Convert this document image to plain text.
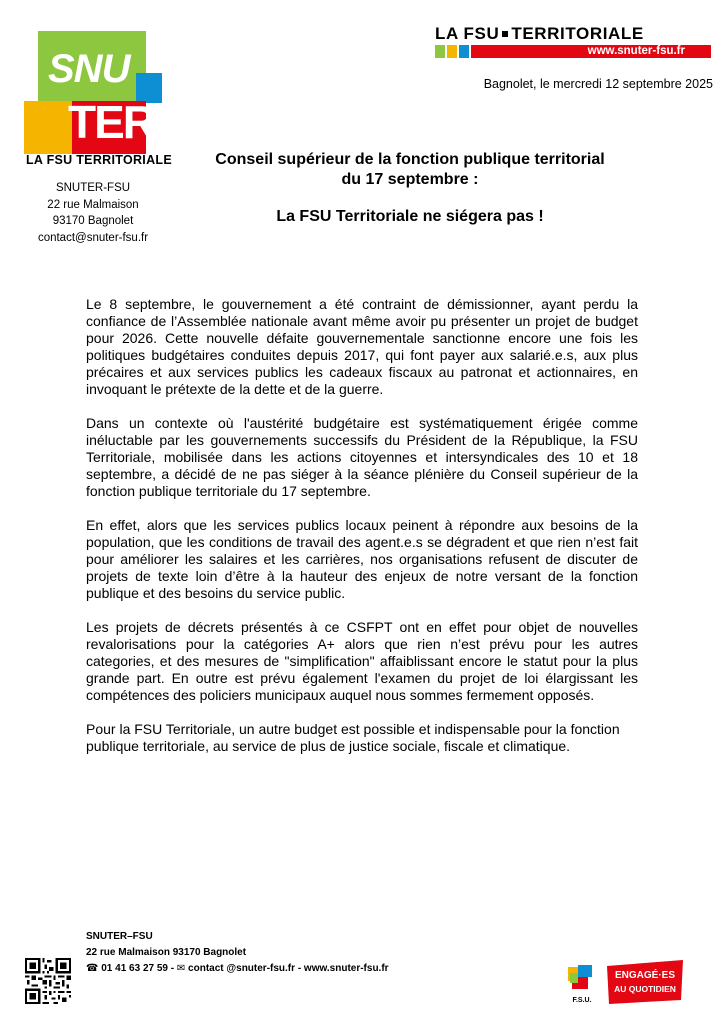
SNU
TER
LA FSU TERRITORIALE
SNUTER-FSU
22 rue Malmaison
93170 Bagnolet
contact@snuter-fsu.fr
LA FSU TERRITORIALE
www.snuter-fsu.fr
Bagnolet, le mercredi 12 septembre 2025
Conseil supérieur de la fonction publique territorial
du 17 septembre :
La FSU Territoriale ne siégera pas !

Le 8 septembre, le gouvernement a été contraint de démissionner, ayant perdu la confiance de l’Assemblée nationale avant même avoir pu présenter un projet de budget pour 2026. Cette nouvelle défaite gouvernementale sanctionne encore une fois les politiques budgétaires conduites depuis 2017, qui font payer aux salarié.e.s, aux plus précaires et aux services publics les cadeaux fiscaux au patronat et actionnaires, en invoquant le prétexte de la dette et de la guerre.

Dans un contexte où l'austérité budgétaire est systématiquement érigée comme inéluctable par les gouvernements successifs du Président de la République, la FSU Territoriale, mobilisée dans les actions citoyennes et intersyndicales des 10 et 18 septembre, a décidé de ne pas siéger à la séance plénière du Conseil supérieur de la fonction publique territoriale du 17 septembre.

En effet, alors que les services publics locaux peinent à répondre aux besoins de la population, que les conditions de travail des agent.e.s se dégradent et que rien n’est fait pour améliorer les salaires et les carrières, nos organisations refusent de discuter de projets de texte loin d’être à la hauteur des enjeux de notre versant de la fonction publique et des besoins du service public.

Les projets de décrets présentés à ce CSFPT ont en effet pour objet de nouvelles revalorisations pour la catégories A+ alors que rien n’est prévu pour les autres categories, et des mesures de "simplification" affaiblissant encore le statut pour la plus grande part. En outre est prévu également l'examen du projet de loi élargissant les compétences des policiers municipaux auquel nous sommes fermement opposés.

Pour la FSU Territoriale, un autre budget est possible et indispensable pour la fonction publique territoriale, au service de plus de justice sociale, fiscale et climatique.

SNUTER–FSU
22 rue Malmaison 93170 Bagnolet
☎ 01 41 63 27 59 - ✉ contact @snuter-fsu.fr - www.snuter-fsu.fr
F.S.U.
ENGAGÉ·ES
AU QUOTIDIEN
